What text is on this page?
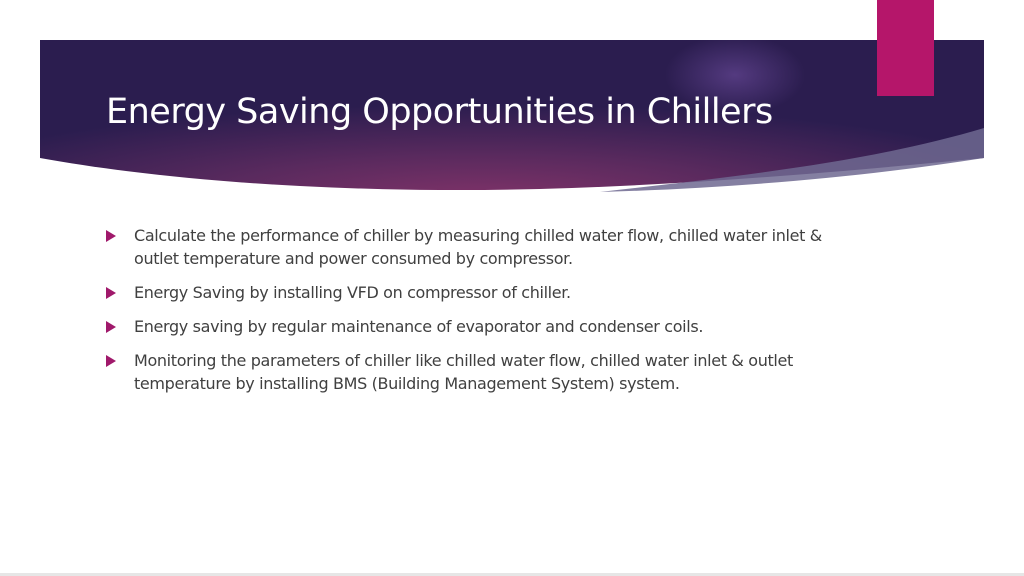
Energy Saving Opportunities in Chillers
Calculate the performance of chiller by measuring chilled water flow, chilled water inlet & outlet temperature and power consumed by compressor.
Energy Saving by installing VFD on compressor of chiller.
Energy saving by regular maintenance of evaporator and condenser coils.
Monitoring the parameters of chiller like chilled water flow, chilled water inlet & outlet temperature by installing BMS (Building Management System) system.
